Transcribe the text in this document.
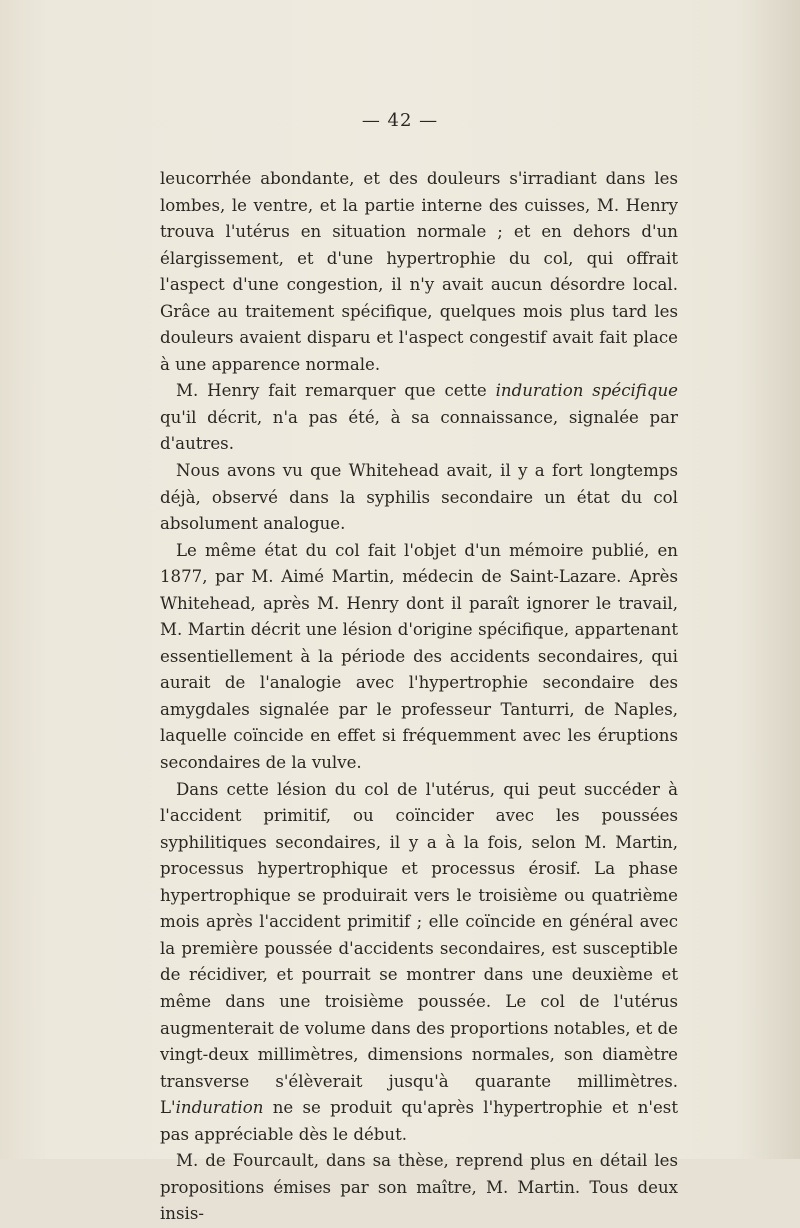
— 42 —

leucorrhée abondante, et des douleurs s'irradiant dans les lombes, le ventre, et la partie interne des cuisses, M. Henry trouva l'utérus en situation normale ; et en dehors d'un élargissement, et d'une hypertrophie du col, qui offrait l'aspect d'une congestion, il n'y avait aucun désordre local. Grâce au traitement spécifique, quelques mois plus tard les douleurs avaient disparu et l'aspect congestif avait fait place à une apparence normale.

M. Henry fait remarquer que cette induration spécifique qu'il décrit, n'a pas été, à sa connaissance, signalée par d'autres.

Nous avons vu que Whitehead avait, il y a fort longtemps déjà, observé dans la syphilis secondaire un état du col absolument analogue.

Le même état du col fait l'objet d'un mémoire publié, en 1877, par M. Aimé Martin, médecin de Saint-Lazare. Après Whitehead, après M. Henry dont il paraît ignorer le travail, M. Martin décrit une lésion d'origine spécifique, appartenant essentiellement à la période des accidents secondaires, qui aurait de l'analogie avec l'hypertrophie secondaire des amygdales signalée par le professeur Tanturri, de Naples, laquelle coïncide en effet si fréquemment avec les éruptions secondaires de la vulve.

Dans cette lésion du col de l'utérus, qui peut succéder à l'accident primitif, ou coïncider avec les poussées syphilitiques secondaires, il y a à la fois, selon M. Martin, processus hypertrophique et processus érosif. La phase hypertrophique se produirait vers le troisième ou quatrième mois après l'accident primitif ; elle coïncide en général avec la première poussée d'accidents secondaires, est susceptible de récidiver, et pourrait se montrer dans une deuxième et même dans une troisième poussée. Le col de l'utérus augmenterait de volume dans des proportions notables, et de vingt-deux millimètres, dimensions normales, son diamètre transverse s'élèverait jusqu'à quarante millimètres. L'induration ne se produit qu'après l'hypertrophie et n'est pas appréciable dès le début.

M. de Fourcault, dans sa thèse, reprend plus en détail les propositions émises par son maître, M. Martin. Tous deux insis-
